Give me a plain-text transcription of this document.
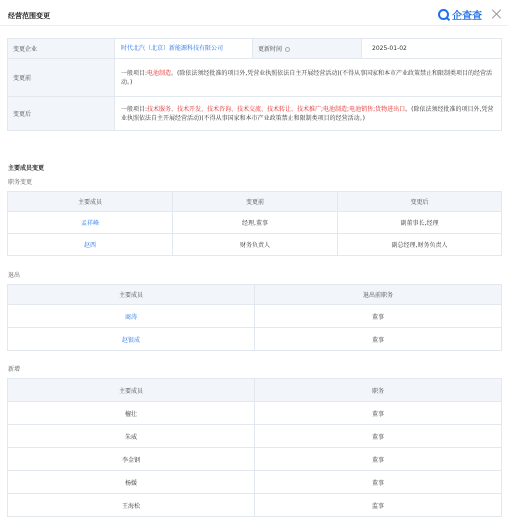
经营范围变更	企查查
变更企业	时代北汽（北京）新能源科技有限公司	更新时间	2025-01-02
变更前	一般项目:电池制造。(除依法须经批准的项目外,凭营业执照依法自主开展经营活动)(不得从事国家和本市产业政策禁止和限制类项目的经营活动。)		
变更后	一般项目:技术服务、技术开发、技术咨询、技术交流、技术转让、技术推广;电池制造;电池销售;货物进出口。(除依法须经批准的项目外,凭营业执照依法自主开展经营活动)(不得从事国家和本市产业政策禁止和限制类项目的经营活动。)		
主要成员变更
职务变更
主要成员	变更前	变更后
孟祥峰	经理,董事	副董事长,经理
赵西	财务负责人	副总经理,财务负责人
退出
主要成员	退出前职务
商涛	董事
赵银成	董事
新增
主要成员	职务
檀壮	董事
朱威	董事
李金钢	董事
杨媛	董事
王海松	监事
